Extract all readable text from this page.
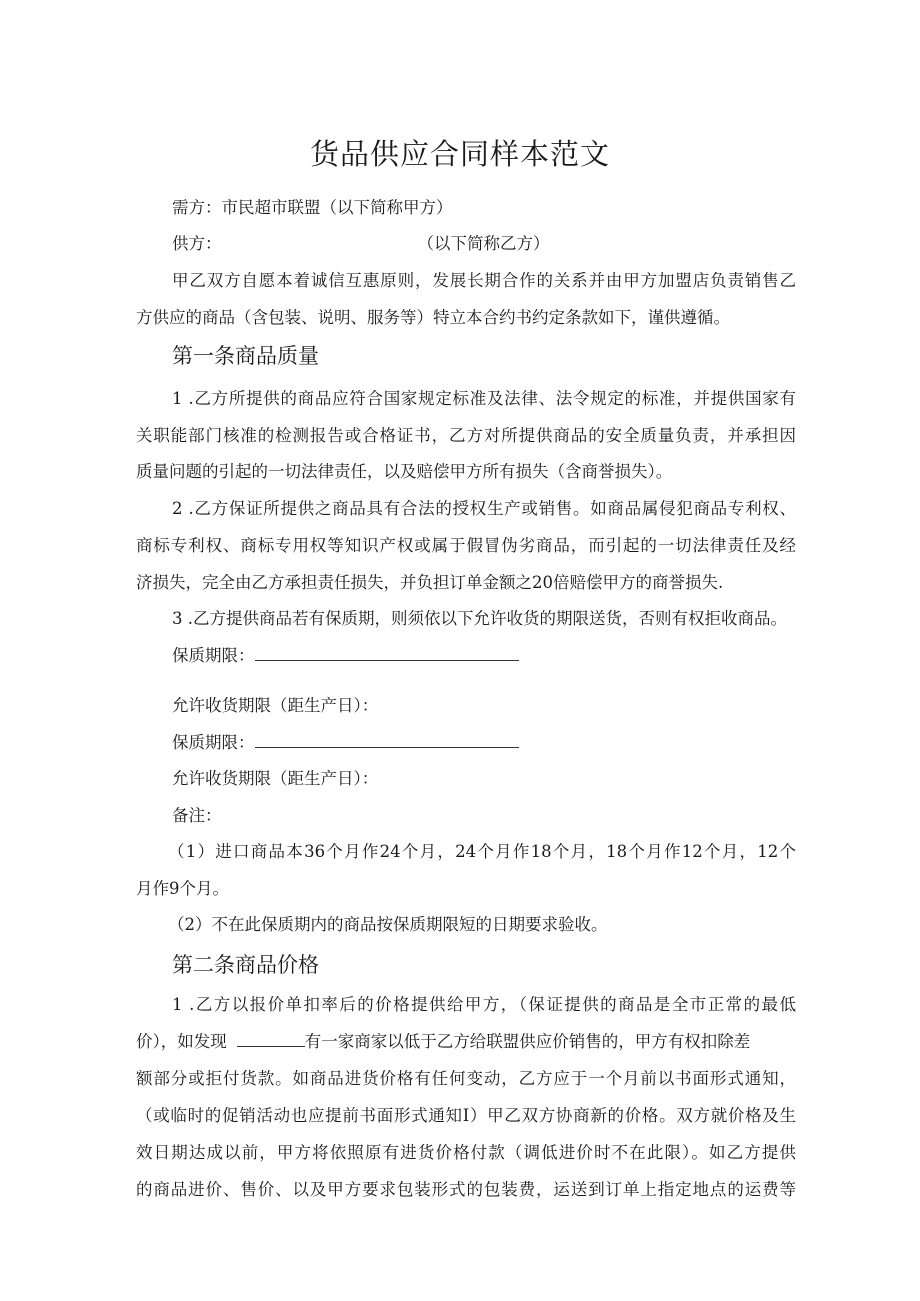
货品供应合同样本范文
需方：市民超市联盟（以下简称甲方）
供方：	（以下简称乙方）
甲乙双方自愿本着诚信互惠原则，发展长期合作的关系并由甲方加盟店负责销售乙
方供应的商品（含包装、说明、服务等）特立本合约书约定条款如下，谨供遵循。
第一条商品质量
1 .乙方所提供的商品应符合国家规定标准及法律、法令规定的标准，并提供国家有
关职能部门核准的检测报告或合格证书，乙方对所提供商品的安全质量负责，并承担因
质量问题的引起的一切法律责任，以及赔偿甲方所有损失（含商誉损失）。
2 .乙方保证所提供之商品具有合法的授权生产或销售。如商品属侵犯商品专利权、
商标专利权、商标专用权等知识产权或属于假冒伪劣商品，而引起的一切法律责任及经
济损失，完全由乙方承担责任损失，并负担订单金额之20倍赔偿甲方的商誉损失.
3 .乙方提供商品若有保质期，则须依以下允许收货的期限送货，否则有权拒收商品。
保质期限：
允许收货期限（距生产日）：
保质期限：
允许收货期限（距生产日）：
备注：
（1）进口商品本36个月作24个月，24个月作18个月，18个月作12个月，12个
月作9个月。
（2）不在此保质期内的商品按保质期限短的日期要求验收。
第二条商品价格
1 .乙方以报价单扣率后的价格提供给甲方，（保证提供的商品是全市正常的最低
价），如发现	有一家商家以低于乙方给联盟供应价销售的，甲方有权扣除差
额部分或拒付货款。如商品进货价格有任何变动，乙方应于一个月前以书面形式通知，
（或临时的促销活动也应提前书面形式通知I）甲乙双方协商新的价格。双方就价格及生
效日期达成以前，甲方将依照原有进货价格付款（调低进价时不在此限）。如乙方提供
的商品进价、售价、以及甲方要求包装形式的包装费，运送到订单上指定地点的运费等
